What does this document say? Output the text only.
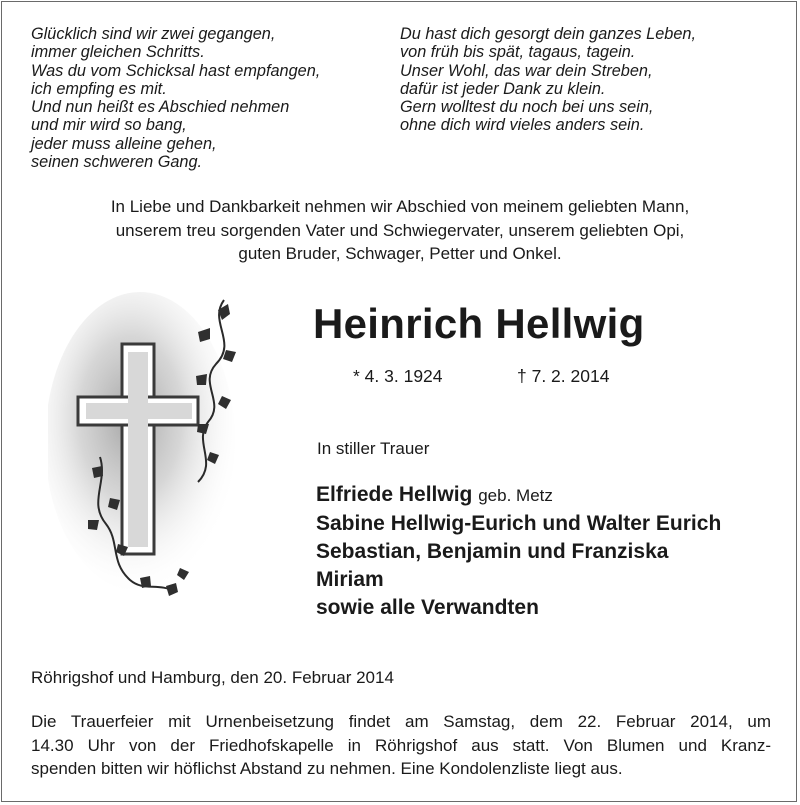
Glücklich sind wir zwei gegangen,
immer gleichen Schritts.
Was du vom Schicksal hast empfangen,
ich empfing es mit.
Und nun heißt es Abschied nehmen
und mir wird so bang,
jeder muss alleine gehen,
seinen schweren Gang.
Du hast dich gesorgt dein ganzes Leben,
von früh bis spät, tagaus, tagein.
Unser Wohl, das war dein Streben,
dafür ist jeder Dank zu klein.
Gern wolltest du noch bei uns sein,
ohne dich wird vieles anders sein.
In Liebe und Dankbarkeit nehmen wir Abschied von meinem geliebten Mann,
unserem treu sorgenden Vater und Schwiegervater, unserem geliebten Opi,
guten Bruder, Schwager, Petter und Onkel.
Heinrich Hellwig
* 4. 3. 1924	† 7. 2. 2014
In stiller Trauer
Elfriede Hellwig geb. Metz
Sabine Hellwig-Eurich und Walter Eurich
Sebastian, Benjamin und Franziska
Miriam
sowie alle Verwandten
Röhrigshof und Hamburg, den 20. Februar 2014
Die Trauerfeier mit Urnenbeisetzung findet am Samstag, dem 22. Februar 2014, um
14.30 Uhr von der Friedhofskapelle in Röhrigshof aus statt. Von Blumen und Kranz-
spenden bitten wir höflichst Abstand zu nehmen. Eine Kondolenzliste liegt aus.
